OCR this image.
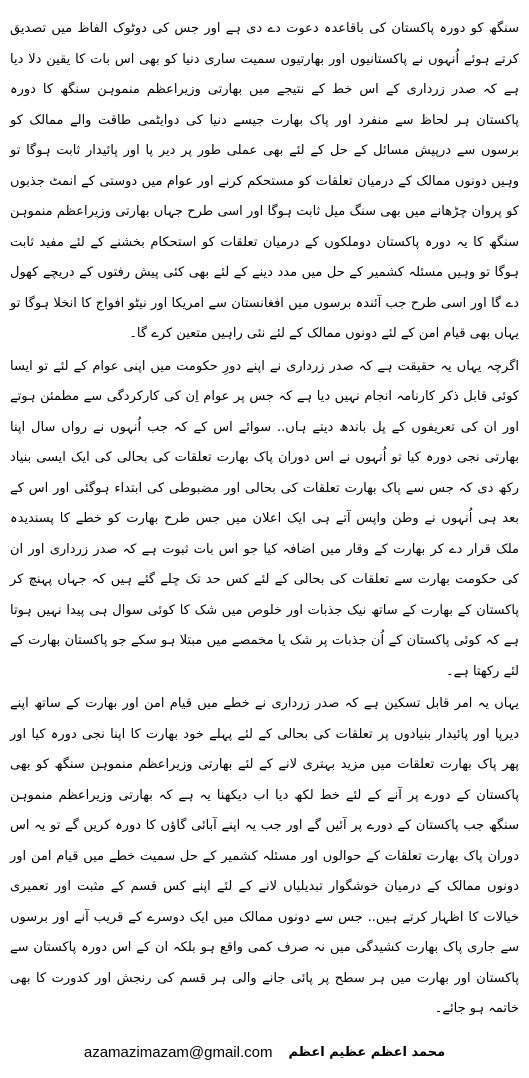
سنگھ کو دورہ پاکستان کی باقاعدہ دعوت دے دی ہے اور جس کی دوٹوک الفاظ میں تصدیق کرتے ہوئے اُنہوں نے پاکستانیوں اور بھارتیوں سمیت ساری دنیا کو بھی اس بات کا یقین دلا دیا ہے کہ صدر زرداری کے اس خط کے نتیجے میں بھارتی وزیراعظم منموہن سنگھ کا دورہ پاکستان ہر لحاظ سے منفرد اور پاک بھارت جیسے دنیا کی دوایٹمی طاقت والے ممالک کو برسوں سے درپیش مسائل کے حل کے لئے بھی عملی طور پر دیر پا اور پائیدار ثابت ہوگا تو وہیں دونوں ممالک کے درمیان تعلقات کو مستحکم کرنے اور عوام میں دوستی کے انمٹ جذبوں کو پروان چڑھانے میں بھی سنگ میل ثابت ہوگا اور اسی طرح جہاں بھارتی وزیراعظم منموہن سنگھ کا یہ دورہ پاکستان دوملکوں کے درمیان تعلقات کو استحکام بخشنے کے لئے مفید ثابت ہوگا تو وہیں مسئلہ کشمیر کے حل میں مدد دینے کے لئے بھی کئی پیش رفتوں کے دریچے کھول دے گا اور اسی طرح جب آئندہ برسوں میں افغانستان سے امریکا اور نیٹو افواج کا انخلا ہوگا تو یہاں بھی قیام امن کے لئے دونوں ممالک کے لئے نئی راہیں متعین کرے گا۔

اگرچہ یہاں یہ حقیقت ہے کہ صدر زرداری نے اپنے دورِ حکومت میں اپنی عوام کے لئے تو ایسا کوئی قابل ذکر کارنامہ انجام نہیں دیا ہے کہ جس پر عوام اِن کی کارکردگی سے مطمئن ہوتے اور ان کی تعریفوں کے پل باندھ دیتے ہاں.. سوائے اس کے کہ جب اُنہوں نے رواں سال اپنا بھارتی نجی دورہ کیا تو اُنہوں نے اس دوران پاک بھارت تعلقات کی بحالی کی ایک ایسی بنیاد رکھ دی کہ جس سے پاک بھارت تعلقات کی بحالی اور مضبوطی کی ابتداء ہوگئی اور اس کے بعد ہی اُنہوں نے وطن واپس آتے ہی ایک اعلان میں جس طرح بھارت کو خطے کا پسندیدہ ملک قرار دے کر بھارت کے وقار میں اضافہ کیا جو اس بات ثبوت ہے کہ صدر زرداری اور ان کی حکومت بھارت سے تعلقات کی بحالی کے لئے کس حد تک چلے گئے ہیں کہ جہاں پہنچ کر پاکستان کے بھارت کے ساتھ نیک جذبات اور خلوص میں شک کا کوئی سوال ہی پیدا نہیں ہوتا ہے کہ کوئی پاکستان کے اُن جذبات پر شک یا مخمصے میں مبتلا ہو سکے جو پاکستان بھارت کے لئے رکھتا ہے۔

یہاں یہ امر قابل تسکین ہے کہ صدر زرداری نے خطے میں قیام امن اور بھارت کے ساتھ اپنے دیرپا اور پائیدار بنیادوں پر تعلقات کی بحالی کے لئے پہلے خود بھارت کا اپنا نجی دورہ کیا اور پھر پاک بھارت تعلقات میں مزید بہتری لانے کے لئے بھارتی وزیراعظم منموہن سنگھ کو بھی پاکستان کے دورے پر آنے کے لئے خط لکھ دیا اب دیکھنا یہ ہے کہ بھارتی وزیراعظم منموہن سنگھ جب پاکستان کے دورے پر آئیں گے اور جب یہ اپنے آبائی گاؤں کا دورہ کریں گے تو یہ اس دوران پاک بھارت تعلقات کے حوالوں اور مسئلہ کشمیر کے حل سمیت خطے میں قیام امن اور دونوں ممالک کے درمیان خوشگوار تبدیلیاں لانے کے لئے اپنے کس قسم کے مثبت اور تعمیری خیالات کا اظہار کرتے ہیں.. جس سے دونوں ممالک میں ایک دوسرے کے قریب آنے اور برسوں سے جاری پاک بھارت کشیدگی میں نہ صرف کمی واقع ہو بلکہ ان کے اس دورہ پاکستان سے پاکستان اور بھارت میں ہر سطح پر پائی جانے والی ہر قسم کی رنجش اور کدورت کا بھی خاتمہ ہو جائے۔

محمد اعظم عظیم اعظم
azamazimazam@gmail.com
